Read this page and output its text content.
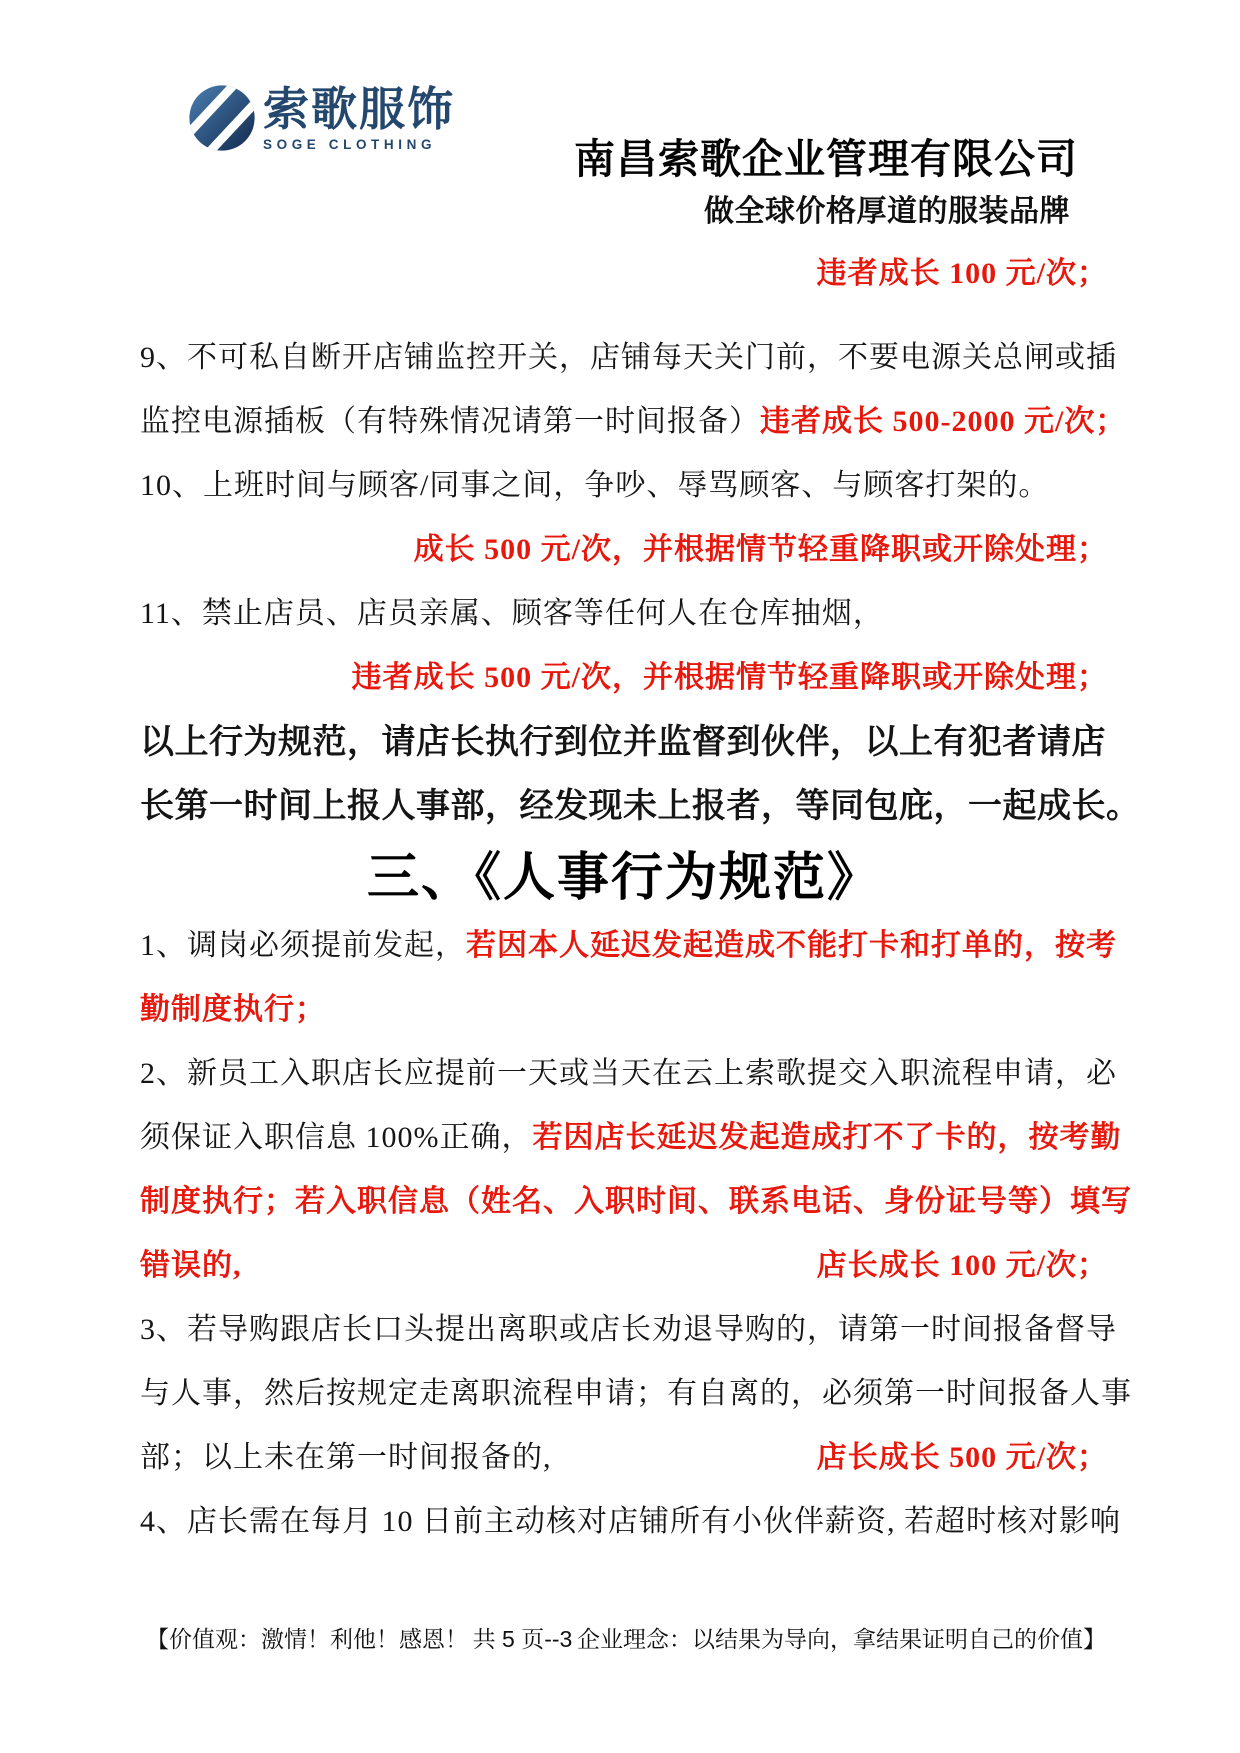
索歌服饰
SOGE CLOTHING	南昌索歌企业管理有限公司
做全球价格厚道的服装品牌
违者成长 100 元/次；
9、不可私自断开店铺监控开关，店铺每天关门前，不要电源关总闸或插
监控电源插板（有特殊情况请第一时间报备） 违者成长 500-2000 元/次；
10、上班时间与顾客/同事之间，争吵、辱骂顾客、与顾客打架的。
成长 500 元/次，并根据情节轻重降职或开除处理；
11、禁止店员、店员亲属、顾客等任何人在仓库抽烟，
违者成长 500 元/次，并根据情节轻重降职或开除处理；
以上行为规范，请店长执行到位并监督到伙伴，以上有犯者请店
长第一时间上报人事部，经发现未上报者，等同包庇，一起成长。
三、《人事行为规范》
1、调岗必须提前发起， 若因本人延迟发起造成不能打卡和打单的，按考
勤制度执行；
2、新员工入职店长应提前一天或当天在云上索歌提交入职流程申请，必
须保证入职信息 100%正确， 若因店长延迟发起造成打不了卡的，按考勤
制度执行；若入职信息（姓名、入职时间、联系电话、身份证号等）填写
错误的,	店长成长 100 元/次；
3、若导购跟店长口头提出离职或店长劝退导购的，请第一时间报备督导
与人事，然后按规定走离职流程申请；有自离的，必须第一时间报备人事
部；以上未在第一时间报备的,	店长成长 500 元/次；
4、店长需在每月 10 日前主动核对店铺所有小伙伴薪资, 若超时核对影响
【价值观：激情！利他！感恩！ 共 5 页--3 企业理念：以结果为导向，拿结果证明自己的价值】
